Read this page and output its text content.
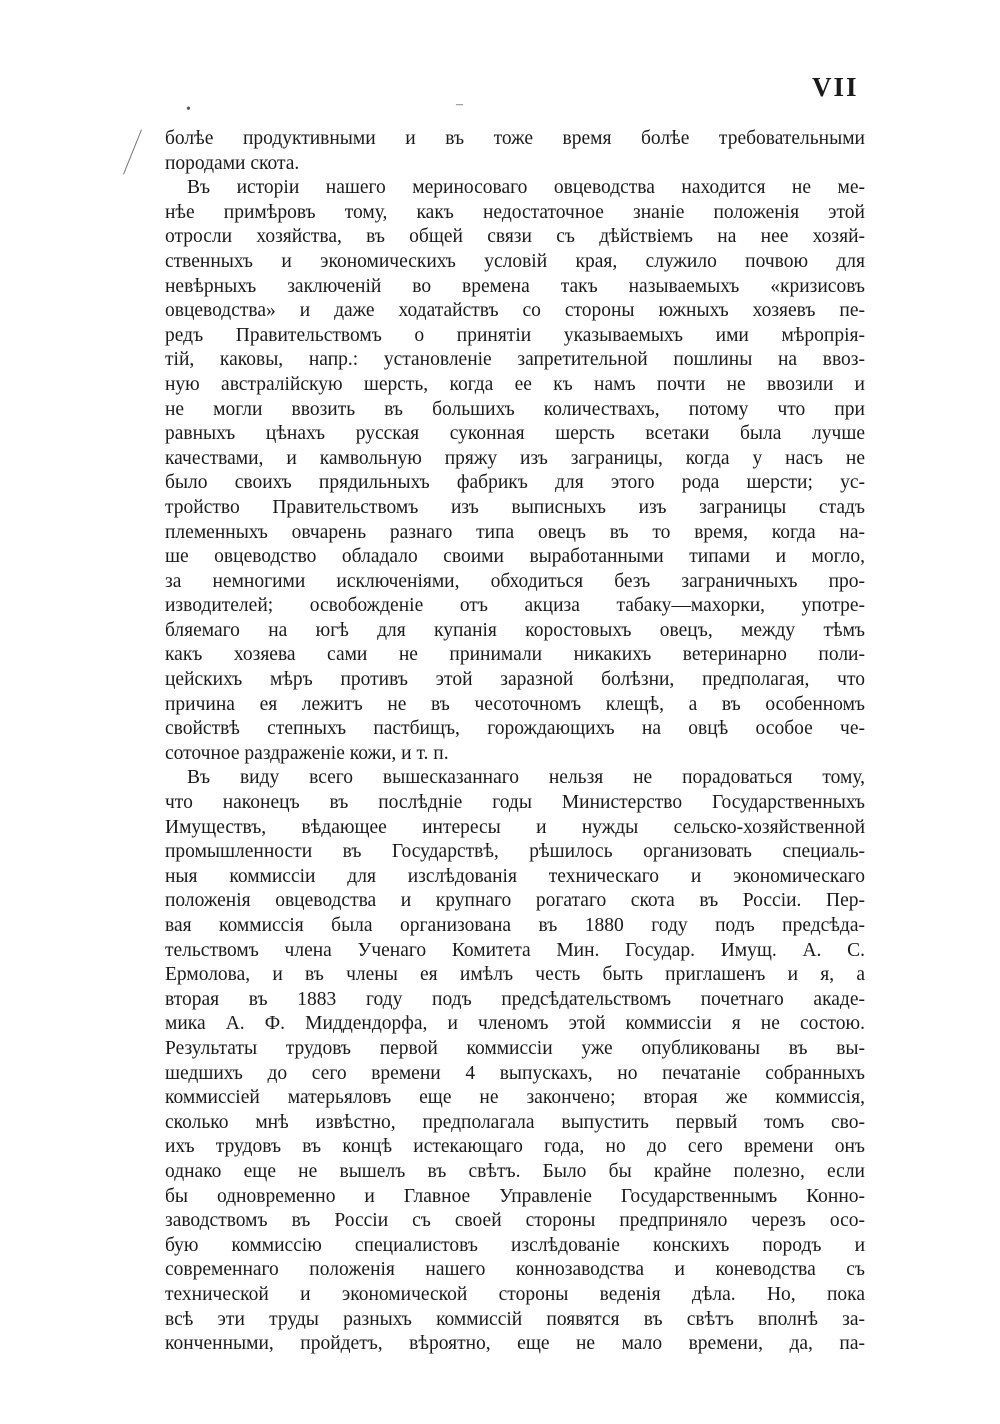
VII
•	–
болѣе продуктивными и въ тоже время болѣе требовательными
породами скота.
Въ исторіи нашего мериносоваго овцеводства находится не ме-
нѣе примѣровъ тому, какъ недостаточное знаніе положенія этой
отросли хозяйства, въ общей связи съ дѣйствіемъ на нее хозяй-
ственныхъ и экономическихъ условій края, служило почвою для
невѣрныхъ заключеній во времена такъ называемыхъ «кризисовъ
овцеводства» и даже ходатайствъ со стороны южныхъ хозяевъ пе-
редъ Правительствомъ о принятіи указываемыхъ ими мѣропрія-
тій, каковы, напр.: установленіе запретительной пошлины на ввоз-
ную австралійскую шерсть, когда ее къ намъ почти не ввозили и
не могли ввозить въ большихъ количествахъ, потому что при
равныхъ цѣнахъ русская суконная шерсть всетаки была лучше
качествами, и камвольную пряжу изъ заграницы, когда у насъ не
было своихъ прядильныхъ фабрикъ для этого рода шерсти; ус-
тройство Правительствомъ изъ выписныхъ изъ заграницы стадъ
племенныхъ овчарень разнаго типа овецъ въ то время, когда на-
ше овцеводство обладало своими выработанными типами и могло,
за немногими исключеніями, обходиться безъ заграничныхъ про-
изводителей; освобожденіе отъ акциза табаку—махорки, употре-
бляемаго на югѣ для купанія коростовыхъ овецъ, между тѣмъ
какъ хозяева сами не принимали никакихъ ветеринарно поли-
цейскихъ мѣръ противъ этой заразной болѣзни, предполагая, что
причина ея лежитъ не въ чесоточномъ клещѣ, а въ особенномъ
свойствѣ степныхъ пастбищъ, горождающихъ на овцѣ особое че-
соточное раздраженіе кожи, и т. п.
Въ виду всего вышесказаннаго нельзя не порадоваться тому,
что наконецъ въ послѣдніе годы Министерство Государственныхъ
Имуществъ, вѣдающее интересы и нужды сельско-хозяйственной
промышленности въ Государствѣ, рѣшилось организовать специаль-
ныя коммиссіи для изслѣдованія техническаго и экономическаго
положенія овцеводства и крупнаго рогатаго скота въ Россіи. Пер-
вая коммиссія была организована въ 1880 году подъ предсѣда-
тельствомъ члена Ученаго Комитета Мин. Государ. Имущ. А. С.
Ермолова, и въ члены ея имѣлъ честь быть приглашенъ и я, а
вторая въ 1883 году подъ предсѣдательствомъ почетнаго акаде-
мика А. Ф. Миддендорфа, и членомъ этой коммиссіи я не состою.
Результаты трудовъ первой коммиссіи уже опубликованы въ вы-
шедшихъ до сего времени 4 выпускахъ, но печатаніе собранныхъ
коммиссіей матерьяловъ еще не закончено; вторая же коммиссія,
сколько мнѣ извѣстно, предполагала выпустить первый томъ сво-
ихъ трудовъ въ концѣ истекающаго года, но до сего времени онъ
однако еще не вышелъ въ свѣтъ. Было бы крайне полезно, если
бы одновременно и Главное Управленіе Государственнымъ Конно-
заводствомъ въ Россіи съ своей стороны предприняло черезъ осо-
бую коммиссію специалистовъ изслѣдованіе конскихъ породъ и
современнаго положенія нашего коннозаводства и коневодства съ
технической и экономической стороны веденія дѣла. Но, пока
всѣ эти труды разныхъ коммиссій появятся въ свѣтъ вполнѣ за-
конченными, пройдетъ, вѣроятно, еще не мало времени, да, па-
